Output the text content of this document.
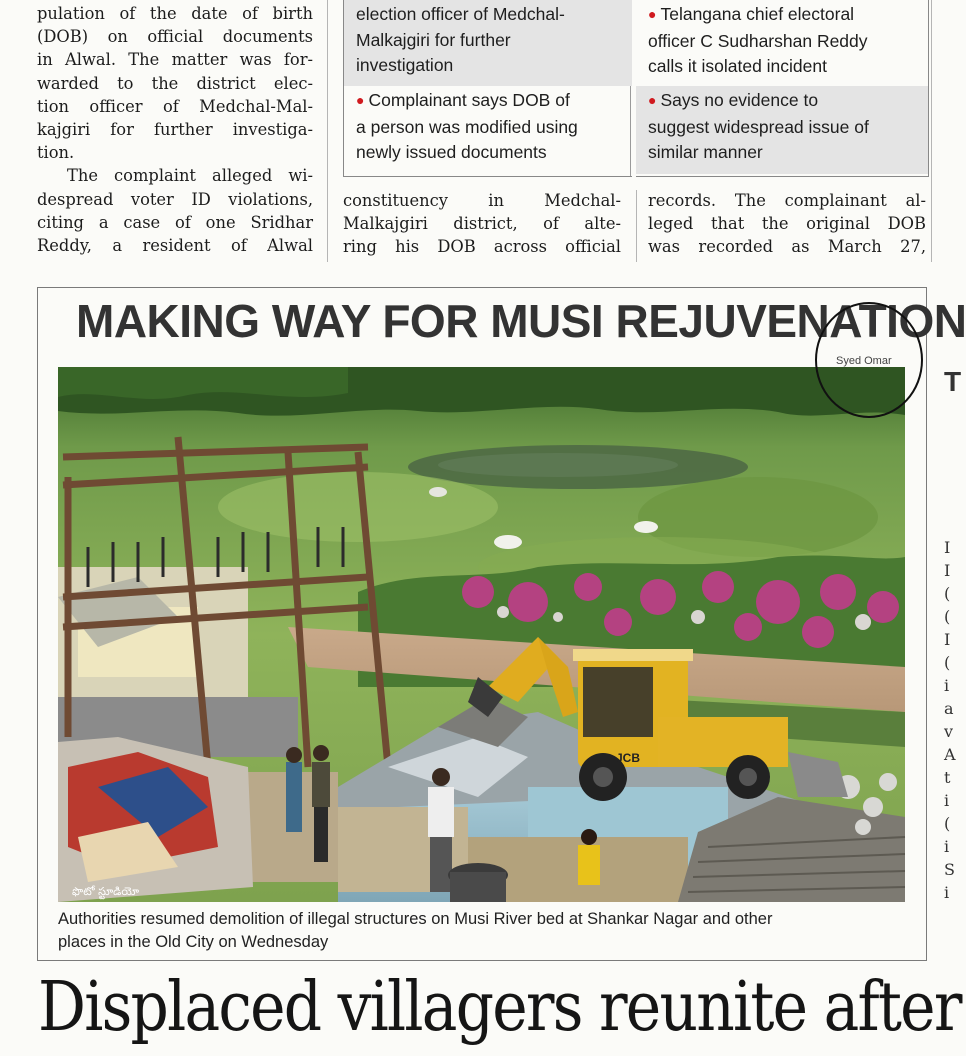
pulation of the date of birth
(DOB) on official documents
in Alwal. The matter was for-
warded to the district elec-
tion officer of Medchal-Mal-
kajgiri for further investiga-
tion.

The complaint alleged wi-
despread voter ID violations,
citing a case of one Sridhar
Reddy, a resident of Alwal

election officer of Medchal-
Malkajgiri for further
investigation
● Complainant says DOB of
a person was modified using
newly issued documents
● Telangana chief electoral
officer C Sudharshan Reddy
calls it isolated incident
● Says no evidence to
suggest widespread issue of
similar manner
constituency in Medchal-
Malkajgiri district, of alte-
ring his DOB across official
records. The complainant al-
leged that the original DOB
was recorded as March 27,
MAKING WAY FOR MUSI REJUVENATION
Syed Omar
JCB
ఫొటో స్టూడియో
Authorities resumed demolition of illegal structures on Musi River bed at Shankar Nagar and other
places in the Old City on Wednesday
T
I
I
(
(
I
(
i
a
v
A
t
i
(
i
S
i
Displaced villagers reunite after
